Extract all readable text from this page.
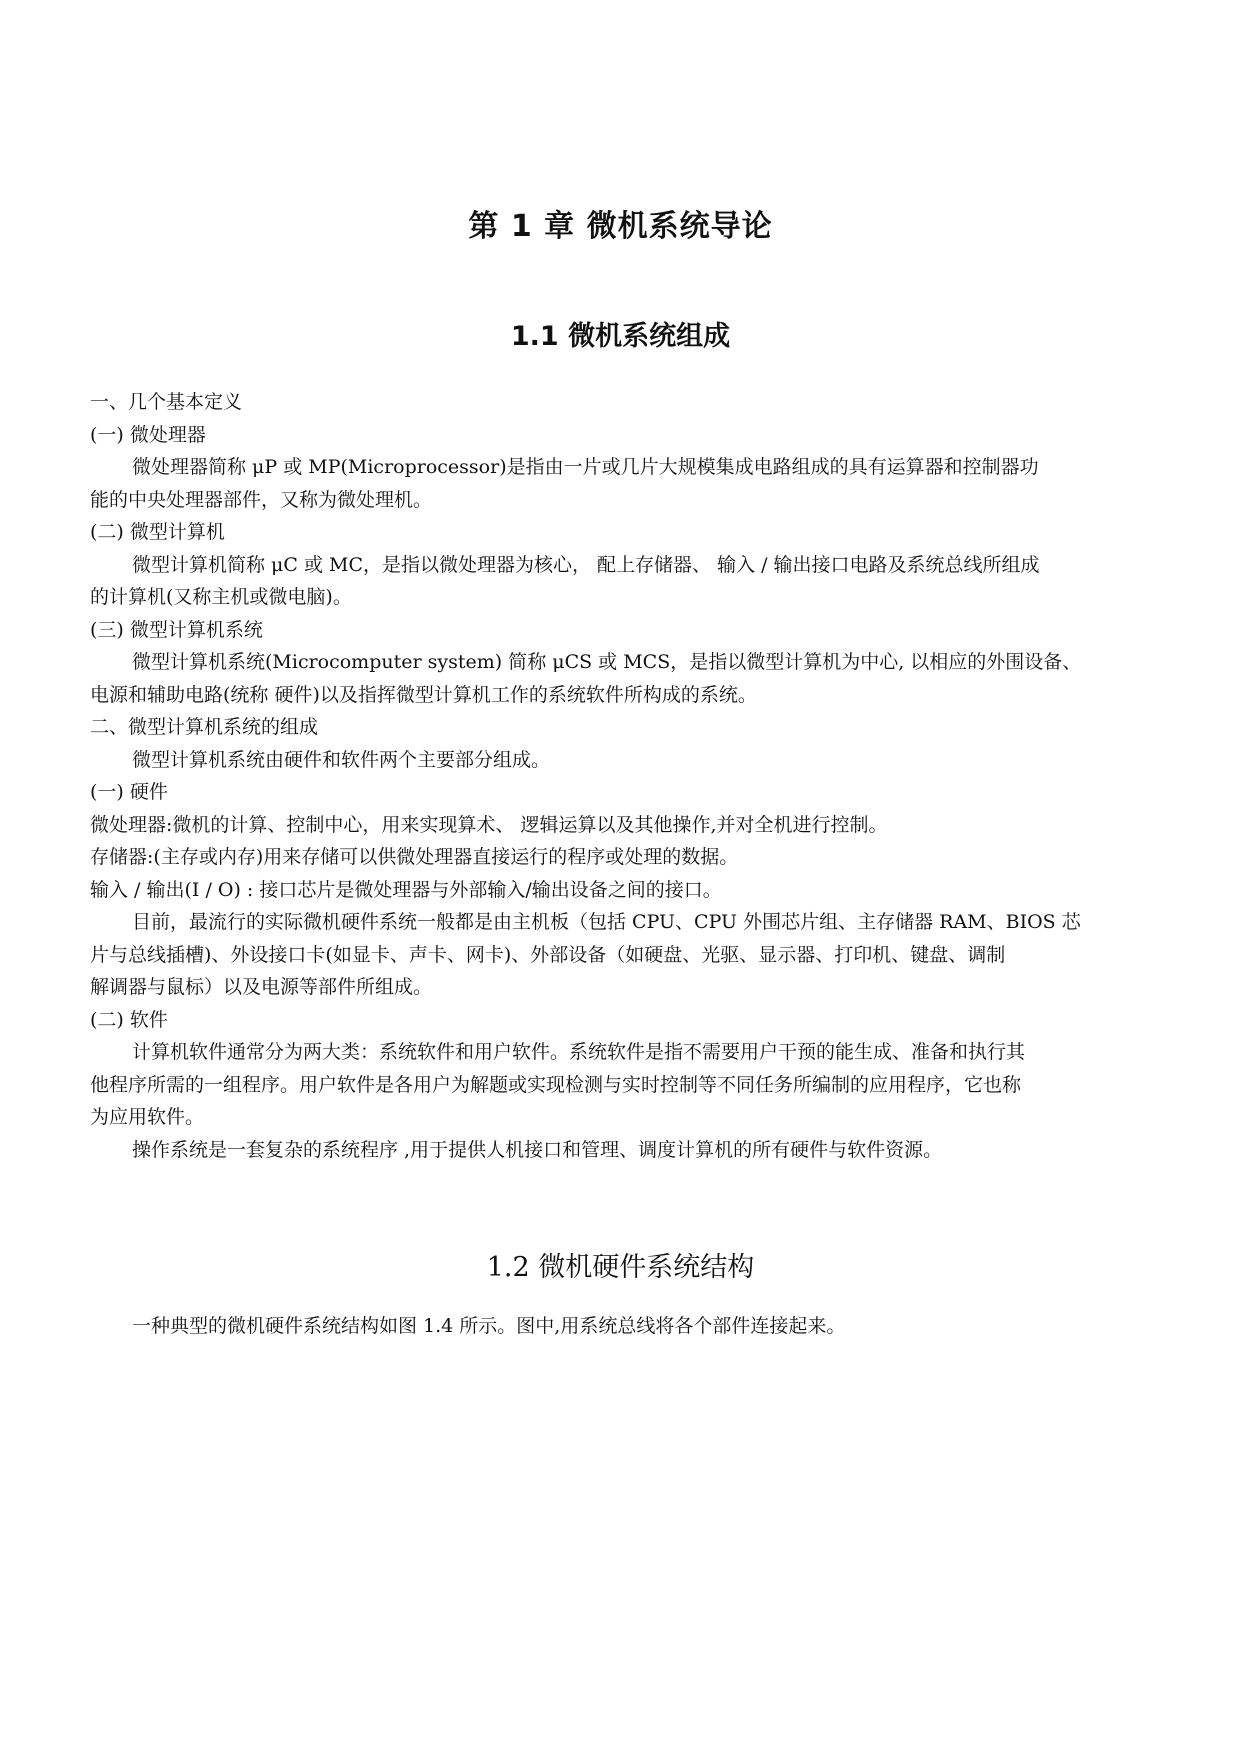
第 1 章 微机系统导论
1.1 微机系统组成
一、几个基本定义
(一) 微处理器
微处理器简称 μP 或 MP(Microprocessor)是指由一片或几片大规模集成电路组成的具有运算器和控制器功
能的中央处理器部件，又称为微处理机。
(二) 微型计算机
微型计算机简称 μC 或 MC，是指以微处理器为核心， 配上存储器、 输入 / 输出接口电路及系统总线所组成
的计算机(又称主机或微电脑)。
(三) 微型计算机系统
微型计算机系统(Microcomputer system) 简称 μCS 或 MCS，是指以微型计算机为中心, 以相应的外围设备、
电源和辅助电路(统称 硬件)以及指挥微型计算机工作的系统软件所构成的系统。
二、微型计算机系统的组成
微型计算机系统由硬件和软件两个主要部分组成。
(一) 硬件
微处理器:微机的计算、控制中心，用来实现算术、 逻辑运算以及其他操作,并对全机进行控制。
存储器:(主存或内存)用来存储可以供微处理器直接运行的程序或处理的数据。
输入 / 输出(I / O) : 接口芯片是微处理器与外部输入/输出设备之间的接口。
目前，最流行的实际微机硬件系统一般都是由主机板（包括 CPU、CPU 外围芯片组、主存储器 RAM、BIOS 芯
片与总线插槽)、外设接口卡(如显卡、声卡、网卡)、外部设备（如硬盘、光驱、显示器、打印机、键盘、调制
解调器与鼠标）以及电源等部件所组成。
(二) 软件
计算机软件通常分为两大类：系统软件和用户软件。系统软件是指不需要用户干预的能生成、准备和执行其
他程序所需的一组程序。用户软件是各用户为解题或实现检测与实时控制等不同任务所编制的应用程序，它也称
为应用软件。
操作系统是一套复杂的系统程序 ,用于提供人机接口和管理、调度计算机的所有硬件与软件资源。
1.2 微机硬件系统结构
一种典型的微机硬件系统结构如图 1.4 所示。图中,用系统总线将各个部件连接起来。
